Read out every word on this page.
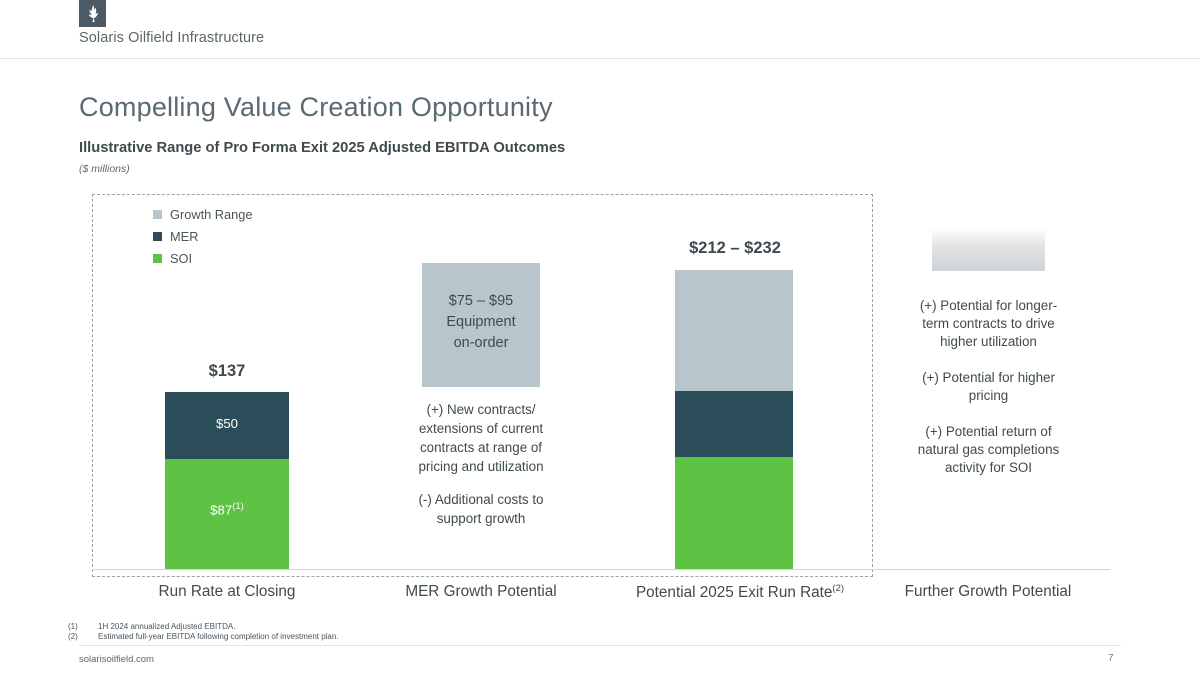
Solaris Oilfield Infrastructure
Compelling Value Creation Opportunity
Illustrative Range of Pro Forma Exit 2025 Adjusted EBITDA Outcomes
($ millions)
Growth Range
MER
SOI
$137
$50
$87$^{(1)}$
$75 – $95
Equipment
on-order
(+) New contracts/
extensions of current
contracts at range of
pricing and utilization
(-) Additional costs to
support growth
$212 – $232
(+) Potential for longer-
term contracts to drive
higher utilization
(+) Potential for higher
pricing
(+) Potential return of
natural gas completions
activity for SOI
Run Rate at Closing	MER Growth Potential	Potential 2025 Exit Run Rate$^{(2)}$	Further Growth Potential
(1)	1H 2024 annualized Adjusted EBITDA.
(2)	Estimated full-year EBITDA following completion of investment plan.
solarisoilfield.com	7
